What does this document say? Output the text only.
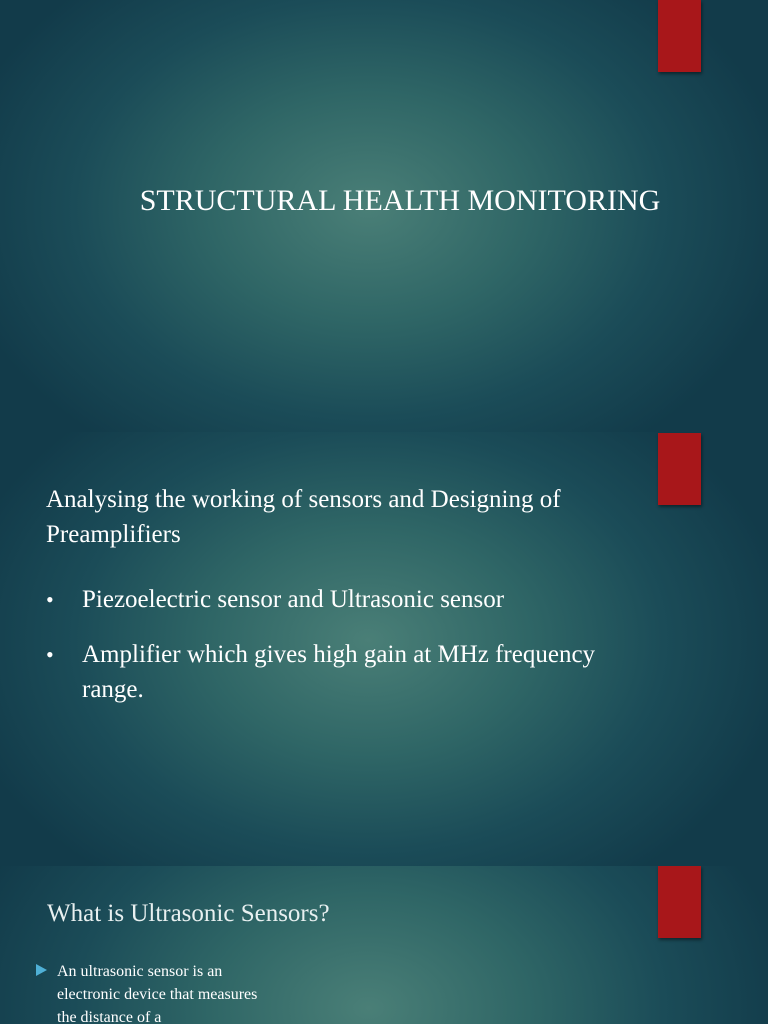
STRUCTURAL HEALTH MONITORING

Analysing the working of sensors and Designing of Preamplifiers

• Piezoelectric sensor and Ultrasonic sensor
• Amplifier which gives high gain at MHz frequency range.
What is Ultrasonic Sensors?
An ultrasonic sensor is an electronic device that measures the distance of a
